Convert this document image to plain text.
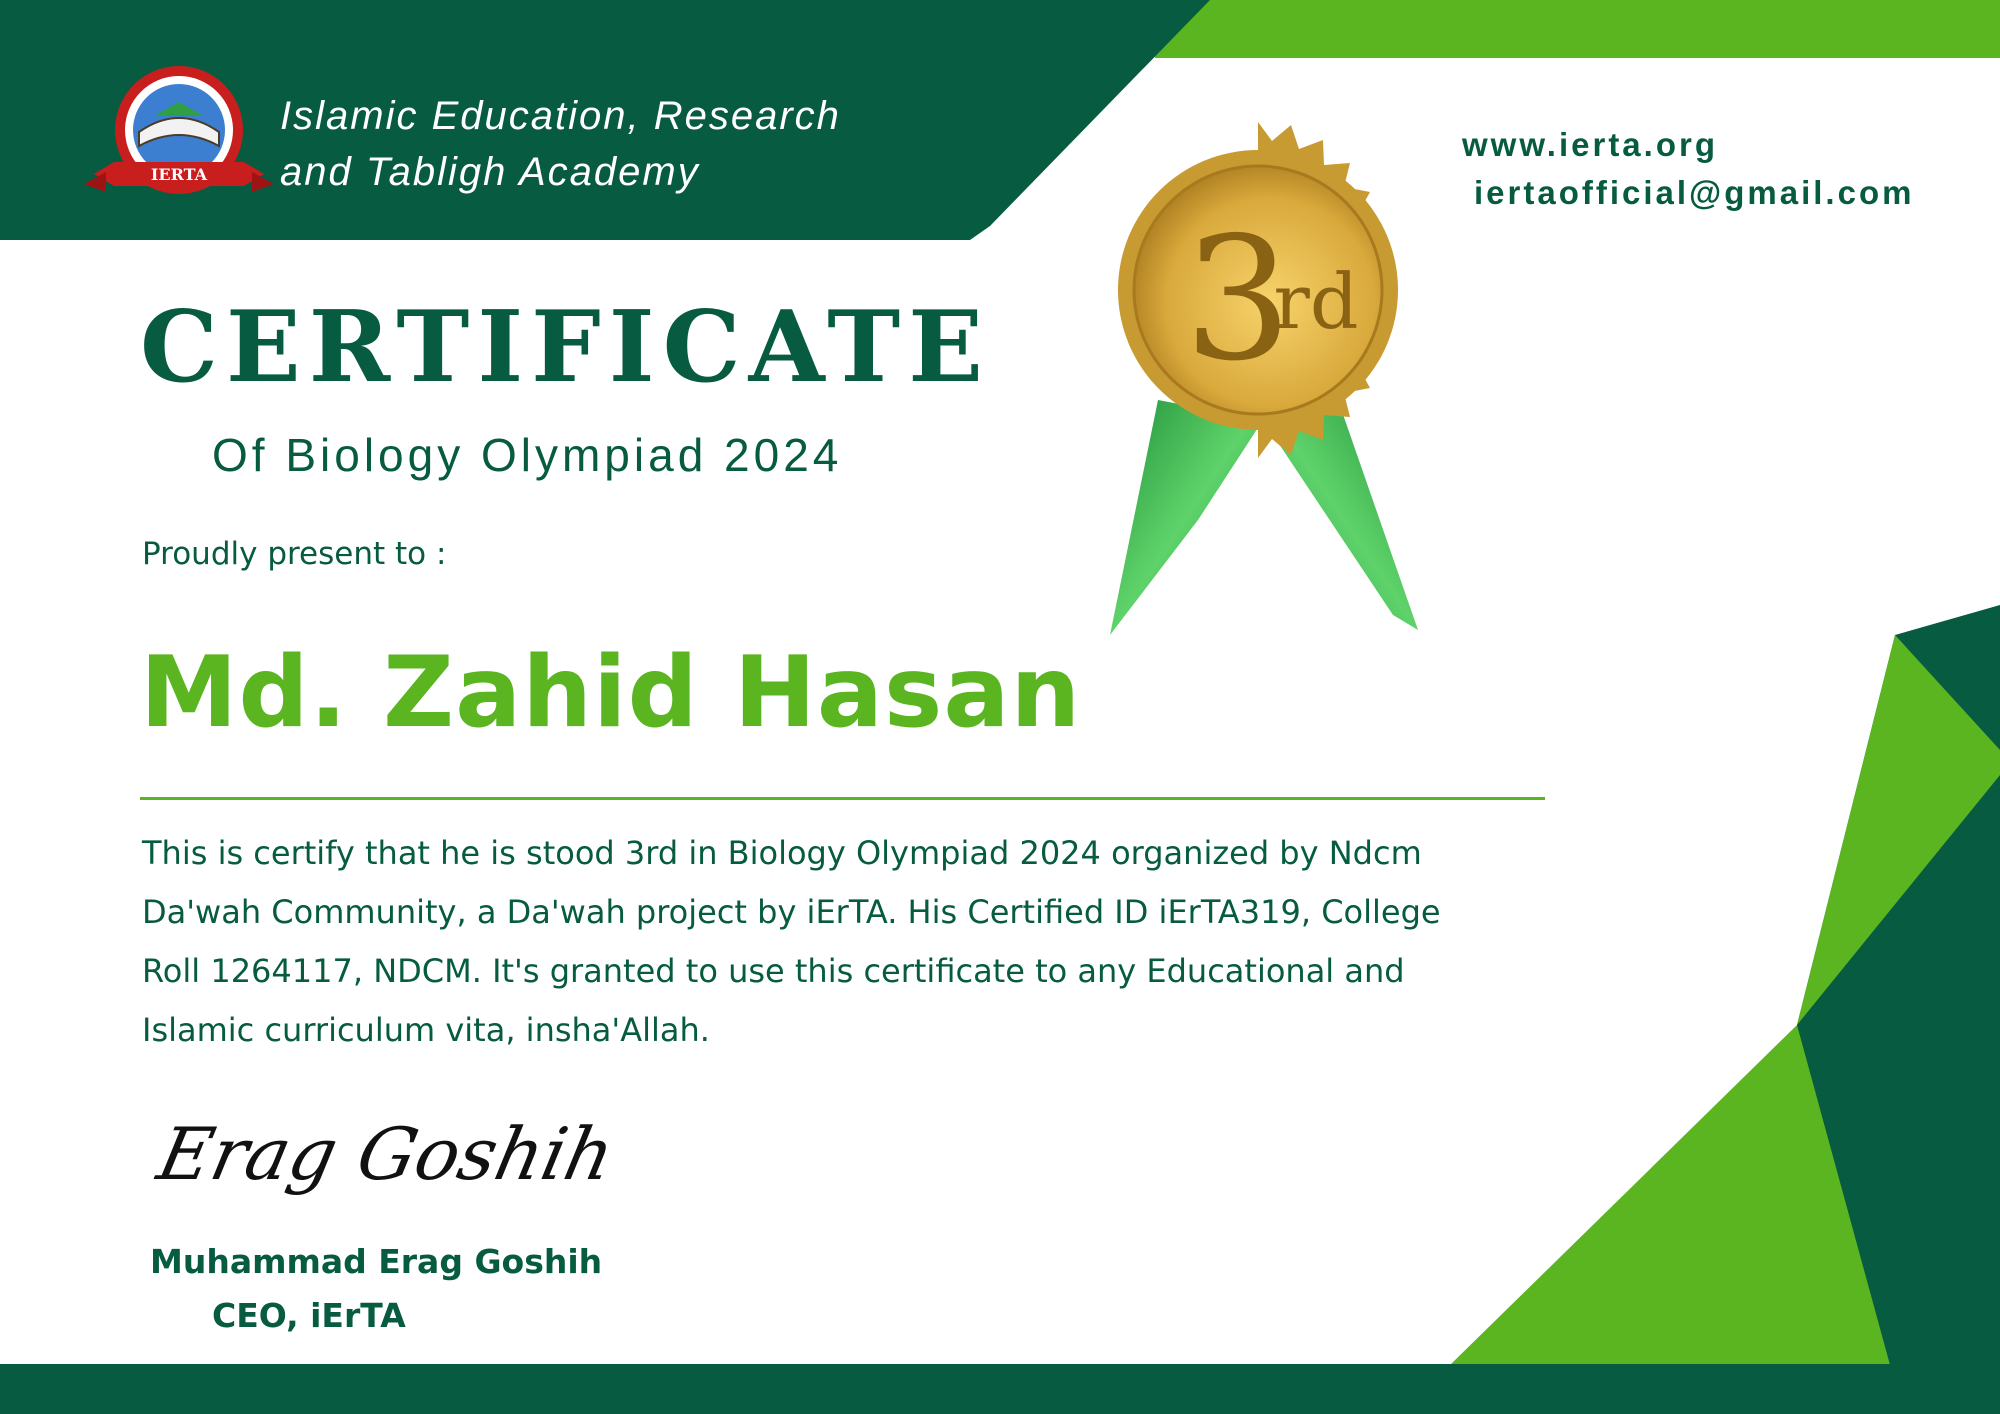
IERTA
Islamic Education, Research
and Tabligh Academy
www.ierta.org
iertaofficial@gmail.com
3
rd
CERTIFICATE
Of Biology Olympiad 2024
Proudly present to :
Md. Zahid Hasan
This is certify that he is stood 3rd in Biology Olympiad 2024 organized by Ndcm
Da'wah Community, a Da'wah project by iErTA. His Certified ID iErTA319, College
Roll 1264117, NDCM. It's granted to use this certificate to any Educational and
Islamic curriculum vita, insha'Allah.
Erag Goshih
Muhammad Erag Goshih
CEO, iErTA
